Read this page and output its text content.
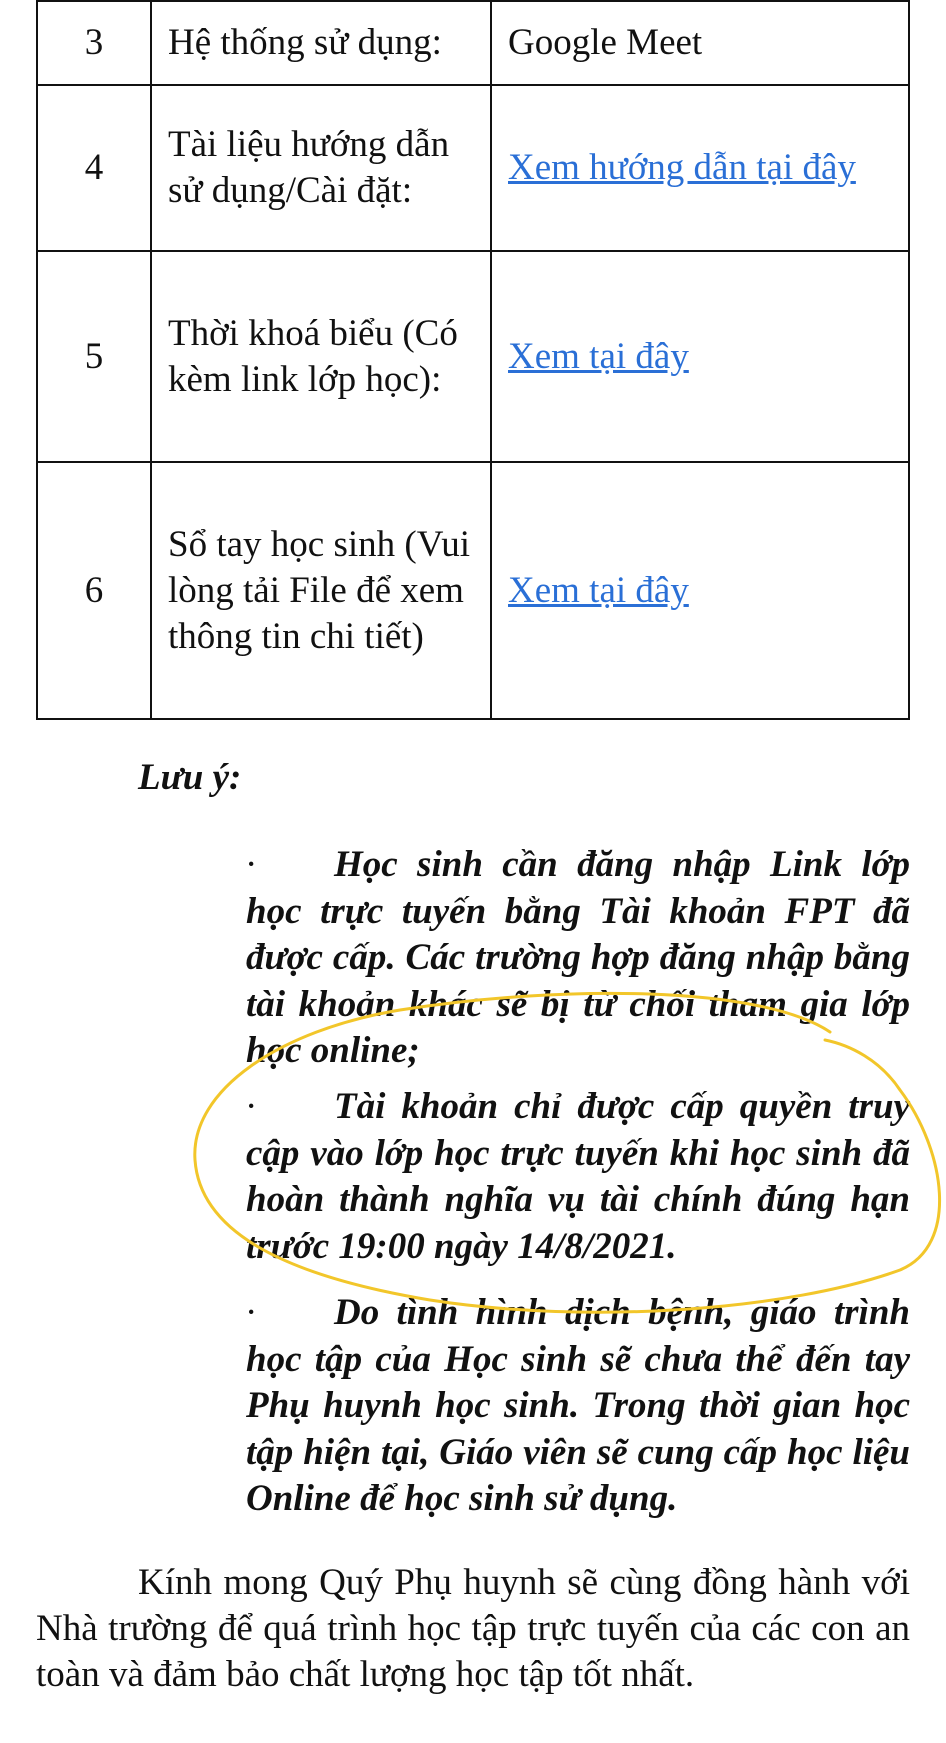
3	Hệ thống sử dụng:	Google Meet
4	Tài liệu hướng dẫn sử dụng/Cài đặt:	Xem hướng dẫn tại đây
5	Thời khoá biểu (Có kèm link lớp học):	Xem tại đây
6	Sổ tay học sinh (Vui lòng tải File để xem thông tin chi tiết)	Xem tại đây
Lưu ý:
· Học sinh cần đăng nhập Link lớp học trực tuyến bằng Tài khoản FPT đã được cấp. Các trường hợp đăng nhập bằng tài khoản khác sẽ bị từ chối tham gia lớp học online;
· Tài khoản chỉ được cấp quyền truy cập vào lớp học trực tuyến khi học sinh đã hoàn thành nghĩa vụ tài chính đúng hạn trước 19:00 ngày 14/8/2021.
· Do tình hình dịch bệnh, giáo trình học tập của Học sinh sẽ chưa thể đến tay Phụ huynh học sinh. Trong thời gian học tập hiện tại, Giáo viên sẽ cung cấp học liệu Online để học sinh sử dụng.
Kính mong Quý Phụ huynh sẽ cùng đồng hành với Nhà trường để quá trình học tập trực tuyến của các con an toàn và đảm bảo chất lượng học tập tốt nhất.
